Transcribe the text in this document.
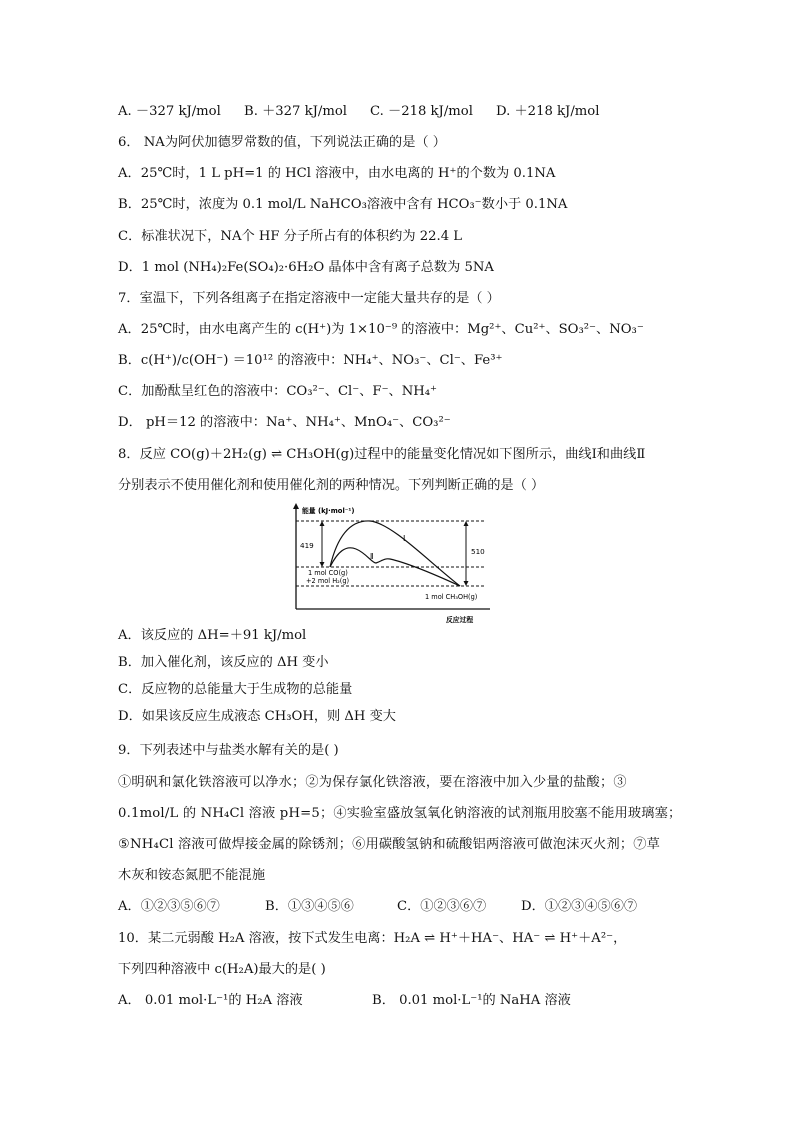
A. －327 kJ/mol B. ＋327 kJ/mol C. －218 kJ/mol D. ＋218 kJ/mol
6． NA为阿伏加德罗常数的值，下列说法正确的是（ ）
A．25℃时，1 L pH=1 的 HCl 溶液中，由水电离的 H⁺的个数为 0.1NA
B．25℃时，浓度为 0.1 mol/L NaHCO₃溶液中含有 HCO₃⁻数小于 0.1NA
C．标准状况下，NA个 HF 分子所占有的体积约为 22.4 L
D．1 mol (NH₄)₂Fe(SO₄)₂·6H₂O 晶体中含有离子总数为 5NA
7．室温下，下列各组离子在指定溶液中一定能大量共存的是（ ）
A．25℃时，由水电离产生的 c(H⁺)为 1×10⁻⁹ 的溶液中：Mg²⁺、Cu²⁺、SO₃²⁻、NO₃⁻
B．c(H⁺)/c(OH⁻) ＝10¹² 的溶液中：NH₄⁺、NO₃⁻、Cl⁻、Fe³⁺
C．加酚酞呈红色的溶液中：CO₃²⁻、Cl⁻、F⁻、NH₄⁺
D． pH＝12 的溶液中：Na⁺、NH₄⁺、MnO₄⁻、CO₃²⁻
8．反应 CO(g)＋2H₂(g) ⇌ CH₃OH(g)过程中的能量变化情况如下图所示，曲线Ⅰ和曲线Ⅱ
分别表示不使用催化剂和使用催化剂的两种情况。下列判断正确的是（ ）
能量 (kJ·mol⁻¹)
反应过程
419
510
Ⅰ
Ⅱ
1 mol CO(g)
+2 mol H₂(g)
1 mol CH₃OH(g)
A．该反应的 ΔH=＋91 kJ/mol
B．加入催化剂，该反应的 ΔH 变小
C．反应物的总能量大于生成物的总能量
D．如果该反应生成液态 CH₃OH，则 ΔH 变大
9．下列表述中与盐类水解有关的是( )
①明矾和氯化铁溶液可以净水；②为保存氯化铁溶液，要在溶液中加入少量的盐酸；③
0.1mol/L 的 NH₄Cl 溶液 pH=5；④实验室盛放氢氧化钠溶液的试剂瓶用胶塞不能用玻璃塞；
⑤NH₄Cl 溶液可做焊接金属的除锈剂；⑥用碳酸氢钠和硫酸铝两溶液可做泡沫灭火剂；⑦草
木灰和铵态氮肥不能混施
A．①②③⑤⑥⑦	B．①③④⑤⑥	C．①②③⑥⑦	D．①②③④⑤⑥⑦
10．某二元弱酸 H₂A 溶液，按下式发生电离：H₂A ⇌ H⁺＋HA⁻、HA⁻ ⇌ H⁺＋A²⁻，
下列四种溶液中 c(H₂A)最大的是( )
A． 0.01 mol·L⁻¹的 H₂A 溶液	B． 0.01 mol·L⁻¹的 NaHA 溶液
